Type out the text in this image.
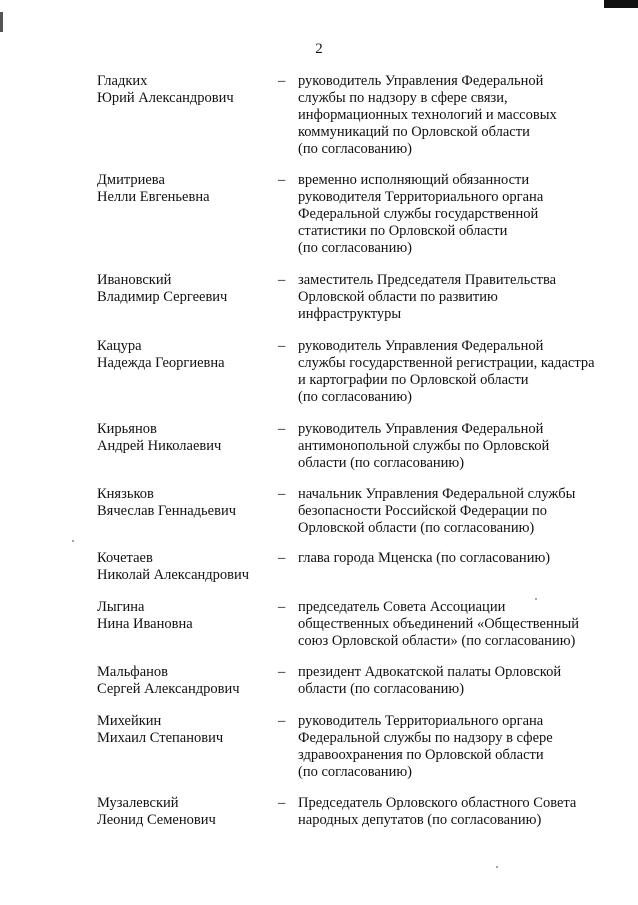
2
Гладких
Юрий Александрович
– руководитель Управления Федеральной
службы по надзору в сфере связи,
информационных технологий и массовых
коммуникаций по Орловской области
(по согласованию)
Дмитриева
Нелли Евгеньевна
– временно исполняющий обязанности
руководителя Территориального органа
Федеральной службы государственной
статистики по Орловской области
(по согласованию)
Ивановский
Владимир Сергеевич
– заместитель Председателя Правительства
Орловской области по развитию
инфраструктуры
Кацура
Надежда Георгиевна
– руководитель Управления Федеральной
службы государственной регистрации, кадастра
и картографии по Орловской области
(по согласованию)
Кирьянов
Андрей Николаевич
– руководитель Управления Федеральной
антимонопольной службы по Орловской
области (по согласованию)
Князьков
Вячеслав Геннадьевич
– начальник Управления Федеральной службы
безопасности Российской Федерации по
Орловской области (по согласованию)
Кочетаев
Николай Александрович
– глава города Мценска (по согласованию)
Лыгина
Нина Ивановна
– председатель Совета Ассоциации
общественных объединений «Общественный
союз Орловской области» (по согласованию)
Мальфанов
Сергей Александрович
– президент Адвокатской палаты Орловской
области (по согласованию)
Михейкин
Михаил Степанович
– руководитель Территориального органа
Федеральной службы по надзору в сфере
здравоохранения по Орловской области
(по согласованию)
Музалевский
Леонид Семенович
– Председатель Орловского областного Совета
народных депутатов (по согласованию)
